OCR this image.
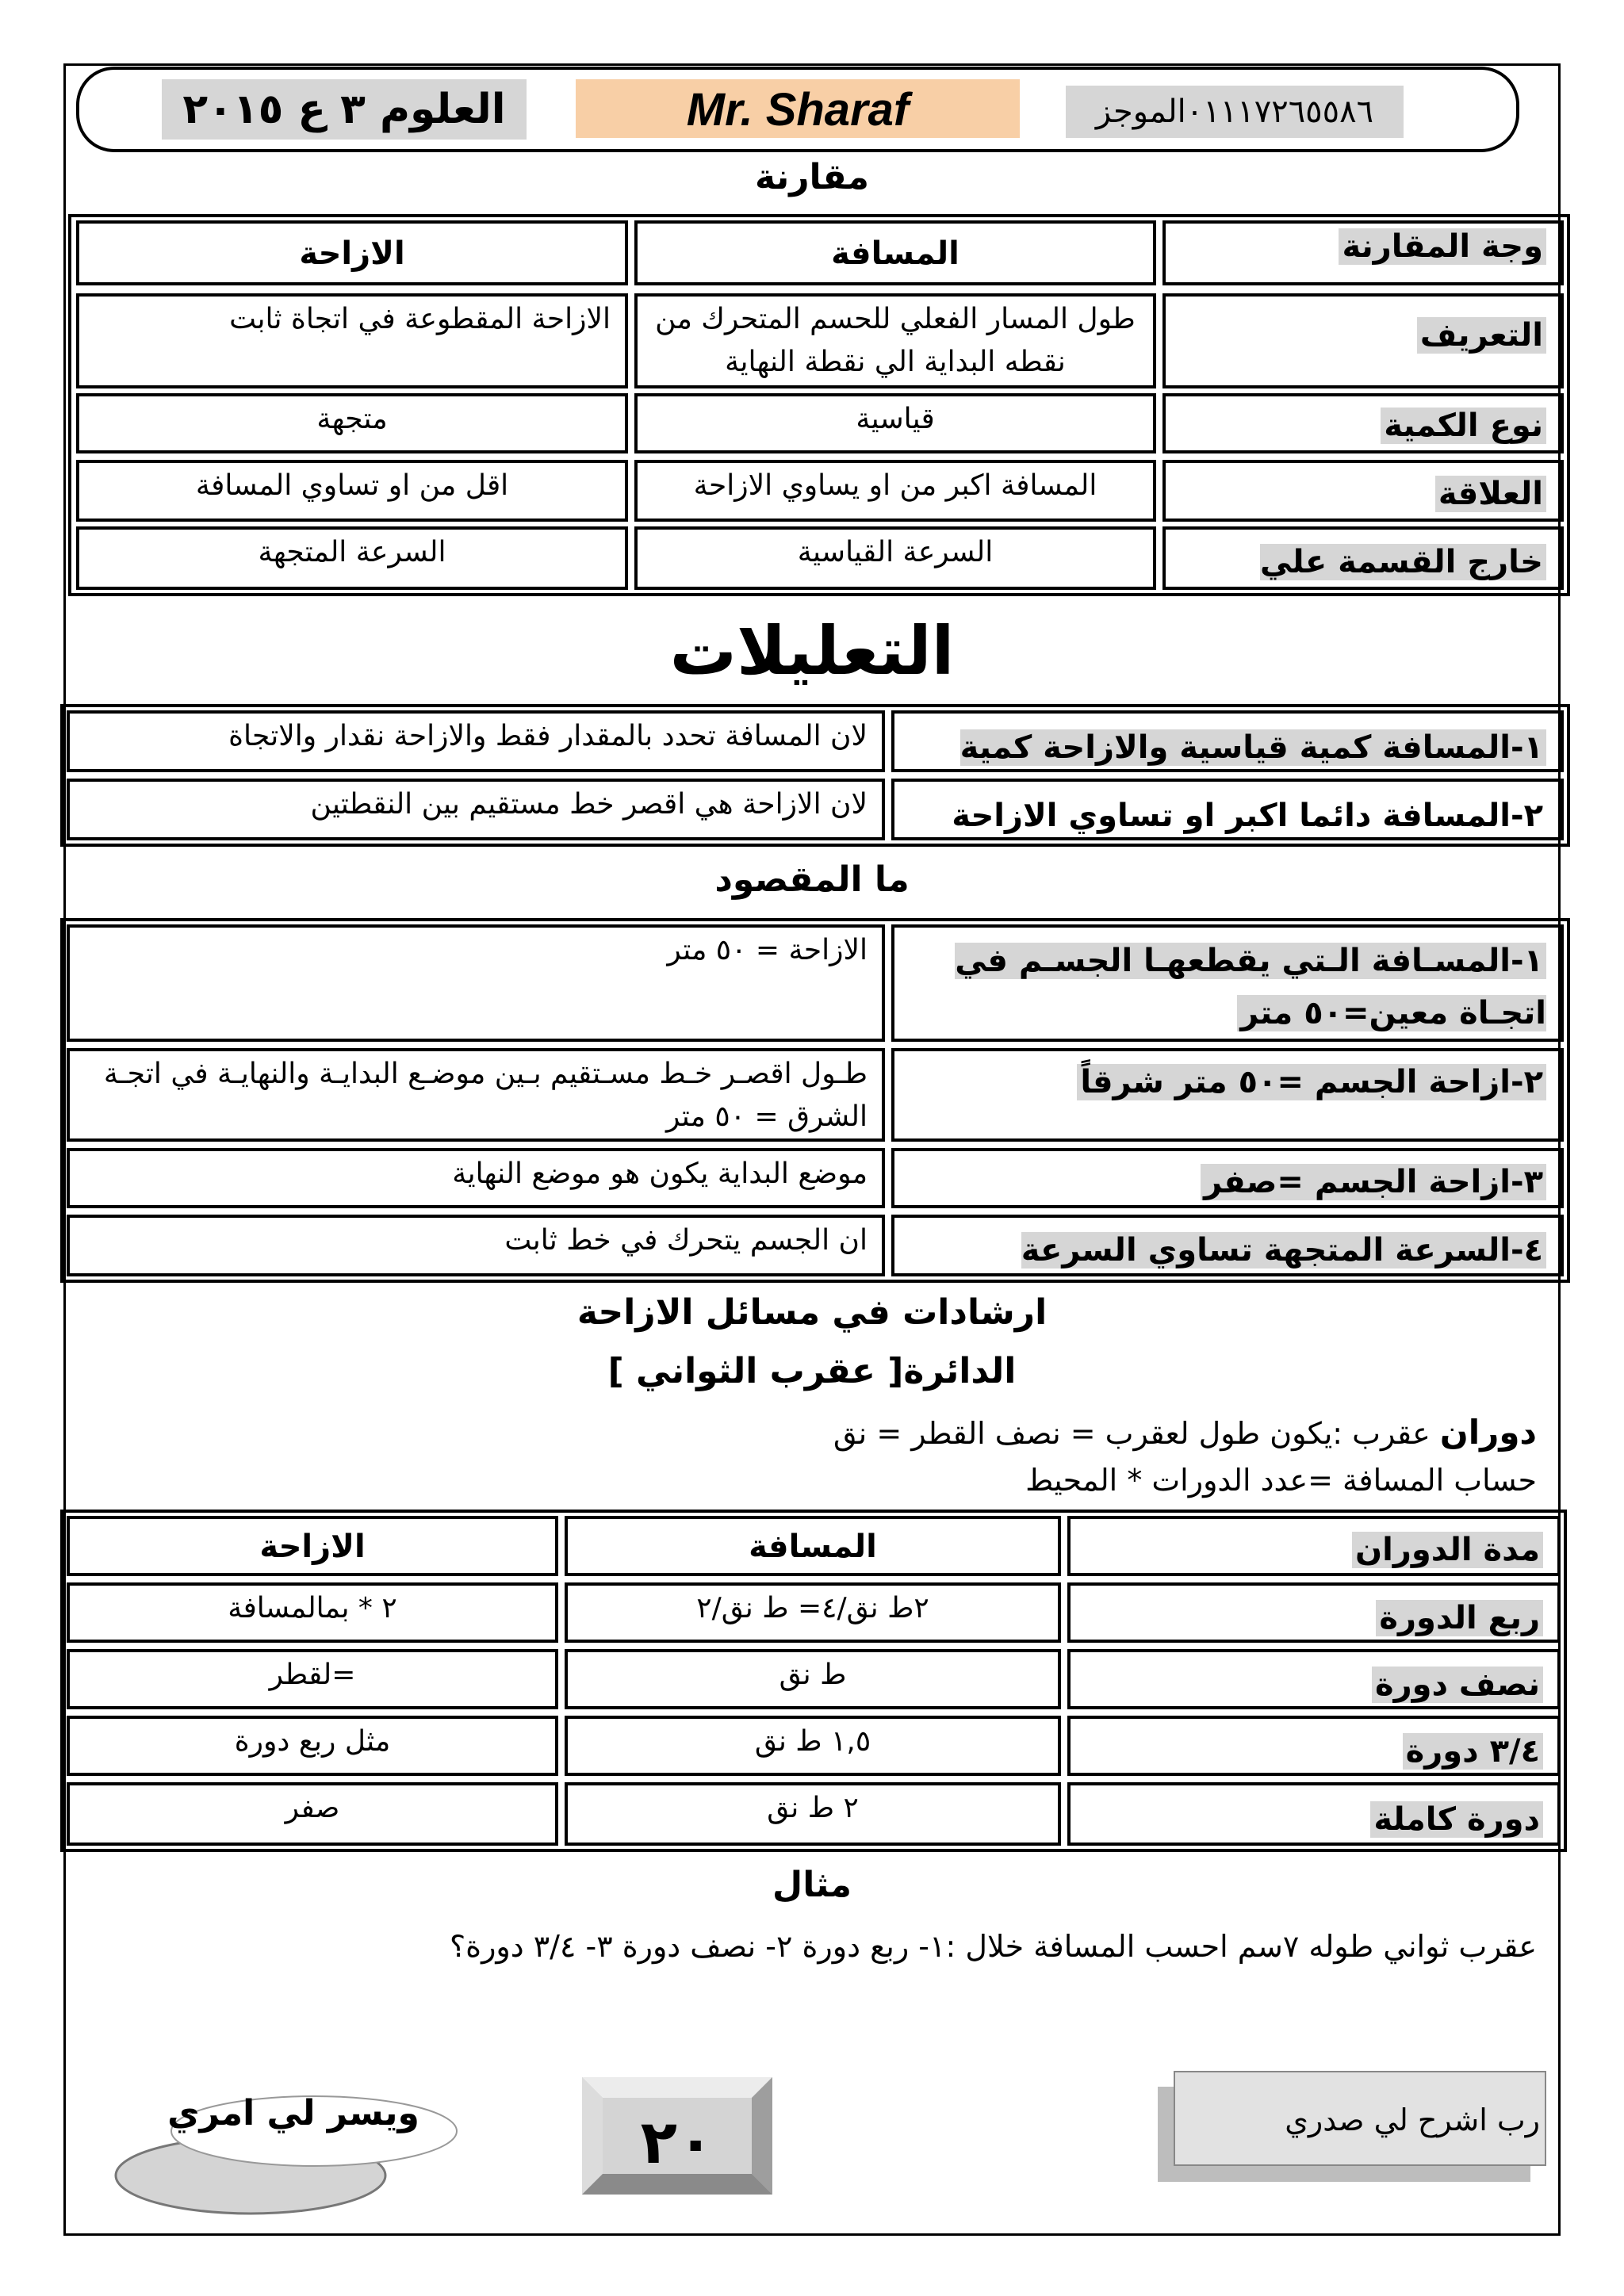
٠١١١٧٢٦٥٥٨٦الموجز
Mr. Sharaf
العلوم ٣ ع ٢٠١٥
مقارنة
وجة المقارنة
المسافة
الازاحة
التعريف
طول المسار الفعلي للحسم المتحرك من نقطه البداية الي نقطة النهاية
الازاحة المقطوعة في اتجاة ثابت
نوع الكمية
قياسية
متجهة
العلاقة
المسافة اكبر من او يساوي الازاحة
اقل من او تساوي المسافة
خارج القسمة علي
السرعة القياسية
السرعة المتجهة
التعليلات
١-المسافة كمية قياسية والازاحة كمية
لان المسافة تحدد بالمقدار فقط والازاحة نقدار والاتجاة
٢-المسافة دائما اكبر او تساوي الازاحة
لان الازاحة هي اقصر خط مستقيم بين النقطتين
ما المقصود
١-المسـافة الـتي يقطعهـا الجسـم في اتجـاة معين=٥٠ متر
الازاحة = ٥٠ متر
٢-ازاحة الجسم =٥٠ متر شرقاً
طـول اقصـر خـط مسـتقيم بـين موضـع البدايـة والنهايـة في اتجـة الشرق = ٥٠ متر
٣-ازاحة الجسم =صفر
موضع البداية يكون هو موضع النهاية
٤-السرعة المتجهة تساوي السرعة
ان الجسم يتحرك في خط ثابت
ارشادات في مسائل الازاحة
الدائرة[ عقرب الثواني ]
دوران عقرب :يكون طول لعقرب = نصف القطر = نق
حساب المسافة =عدد الدورات * المحيط
مدة الدوران
المسافة
الازاحة
ربع الدورة
٢ط نق/٤= ط نق/٢
٢ * بمالمسافة
نصف دورة
ط نق
=لقطر
٣/٤ دورة
١,٥ ط نق
مثل ربع دورة
دورة كاملة
٢ ط نق
صفر
مثال
عقرب ثواني طوله ٧سم احسب المسافة خلال :١- ربع دورة ٢- نصف دورة ٣- ٣/٤ دورة؟
رب اشرح لي صدري
٢٠
ويسر لي امري
